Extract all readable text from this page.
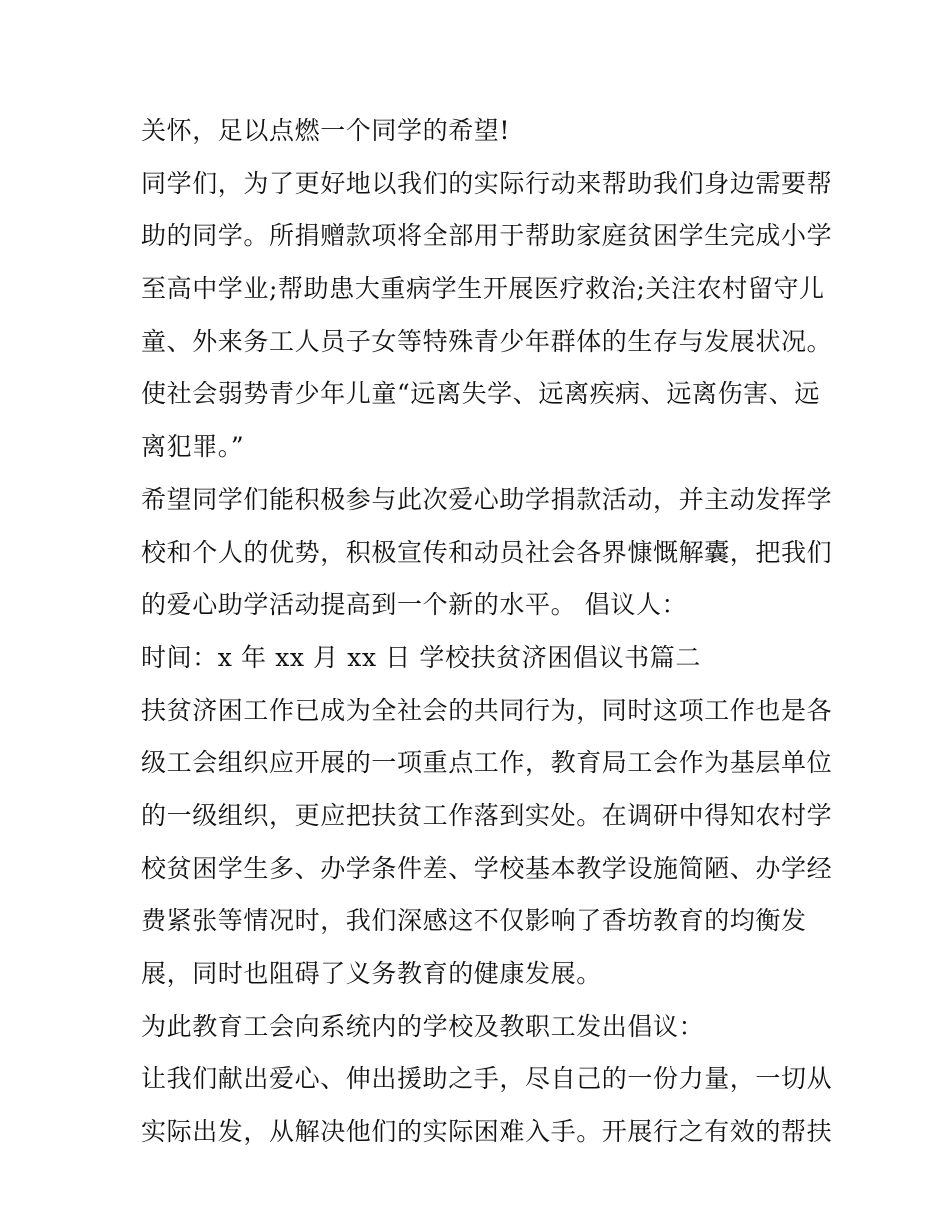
关怀，足以点燃一个同学的希望!
同学们，为了更好地以我们的实际行动来帮助我们身边需要帮
助的同学。所捐赠款项将全部用于帮助家庭贫困学生完成小学
至高中学业;帮助患大重病学生开展医疗救治;关注农村留守儿
童、外来务工人员子女等特殊青少年群体的生存与发展状况。
使社会弱势青少年儿童“远离失学、远离疾病、远离伤害、远
离犯罪。”
希望同学们能积极参与此次爱心助学捐款活动，并主动发挥学
校和个人的优势，积极宣传和动员社会各界慷慨解囊，把我们
的爱心助学活动提高到一个新的水平。 倡议人：
时间：x 年 xx 月 xx 日 学校扶贫济困倡议书篇二
扶贫济困工作已成为全社会的共同行为，同时这项工作也是各
级工会组织应开展的一项重点工作，教育局工会作为基层单位
的一级组织，更应把扶贫工作落到实处。在调研中得知农村学
校贫困学生多、办学条件差、学校基本教学设施简陋、办学经
费紧张等情况时，我们深感这不仅影响了香坊教育的均衡发
展，同时也阻碍了义务教育的健康发展。
为此教育工会向系统内的学校及教职工发出倡议：
让我们献出爱心、伸出援助之手，尽自己的一份力量，一切从
实际出发，从解决他们的实际困难入手。开展行之有效的帮扶
